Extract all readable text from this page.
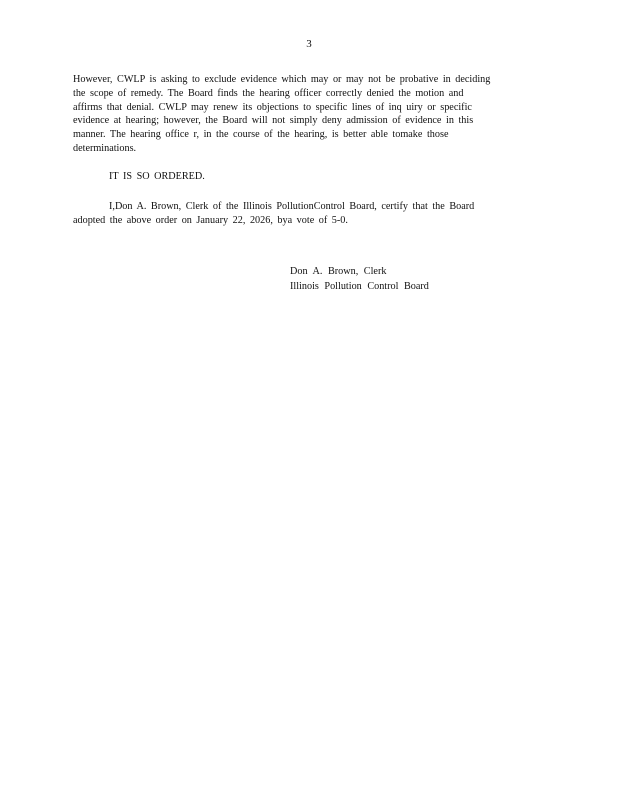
3
However, CWLP is asking to exclude evidence which may or may not be probative in deciding
the scope of remedy. The Board finds the hearing officer correctly denied the motion and
affirms that denial. CWLP may renew its objections to specific lines of inq uiry or specific
evidence at hearing; however, the Board will not simply deny admission of evidence in this
manner. The hearing office r, in the course of the hearing, is better able tomake those
determinations.
IT IS SO ORDERED.
I,Don A. Brown, Clerk of the Illinois PollutionControl Board, certify that the Board
adopted the above order on January 22, 2026, bya vote of 5-0.
Don A. Brown, Clerk
Illinois Pollution Control Board
